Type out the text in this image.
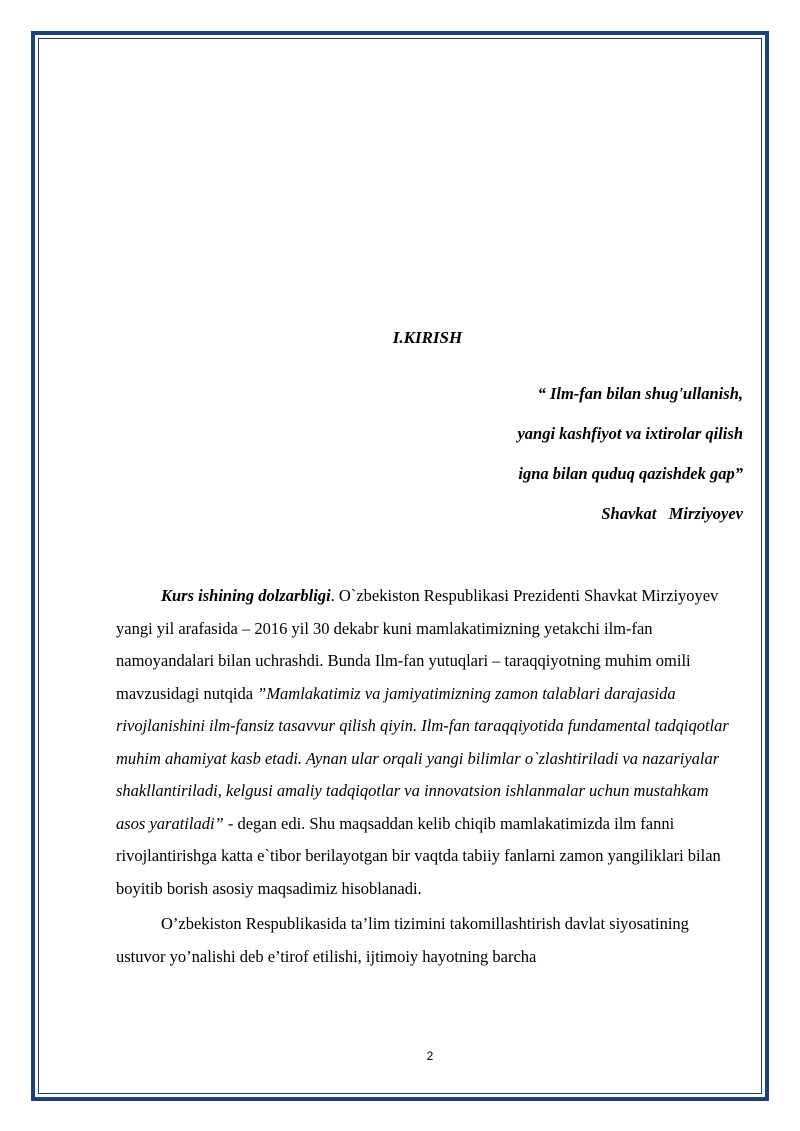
I.KIRISH
“ Ilm-fan bilan shug'ullanish,
yangi kashfiyot va ixtirolar qilish
igna bilan quduq qazishdek gap”
Shavkat   Mirziyoyev

Kurs ishining dolzarbligi. O`zbekiston Respublikasi Prezidenti Shavkat Mirziyoyev yangi yil arafasida – 2016 yil 30 dekabr kuni mamlakatimizning yetakchi ilm-fan namoyandalari bilan uchrashdi. Bunda Ilm-fan yutuqlari – taraqqiyotning muhim omili mavzusidagi nutqida ”Mamlakatimiz va jamiyatimizning zamon talablari darajasida rivojlanishini ilm-fansiz tasavvur qilish qiyin. Ilm-fan taraqqiyotida fundamental tadqiqotlar muhim ahamiyat kasb etadi. Aynan ular orqali yangi bilimlar o`zlashtiriladi va nazariyalar shakllantiriladi, kelgusi amaliy tadqiqotlar va innovatsion ishlanmalar uchun mustahkam asos yaratiladi” - degan edi. Shu maqsaddan kelib chiqib mamlakatimizda ilm fanni rivojlantirishga katta e`tibor berilayotgan bir vaqtda tabiiy fanlarni zamon yangiliklari bilan boyitib borish asosiy maqsadimiz hisoblanadi.

O’zbekiston Respublikasida ta’lim tizimini takomillashtirish davlat siyosatining ustuvor yo’nalishi deb e’tirof etilishi, ijtimoiy hayotning barcha

2
